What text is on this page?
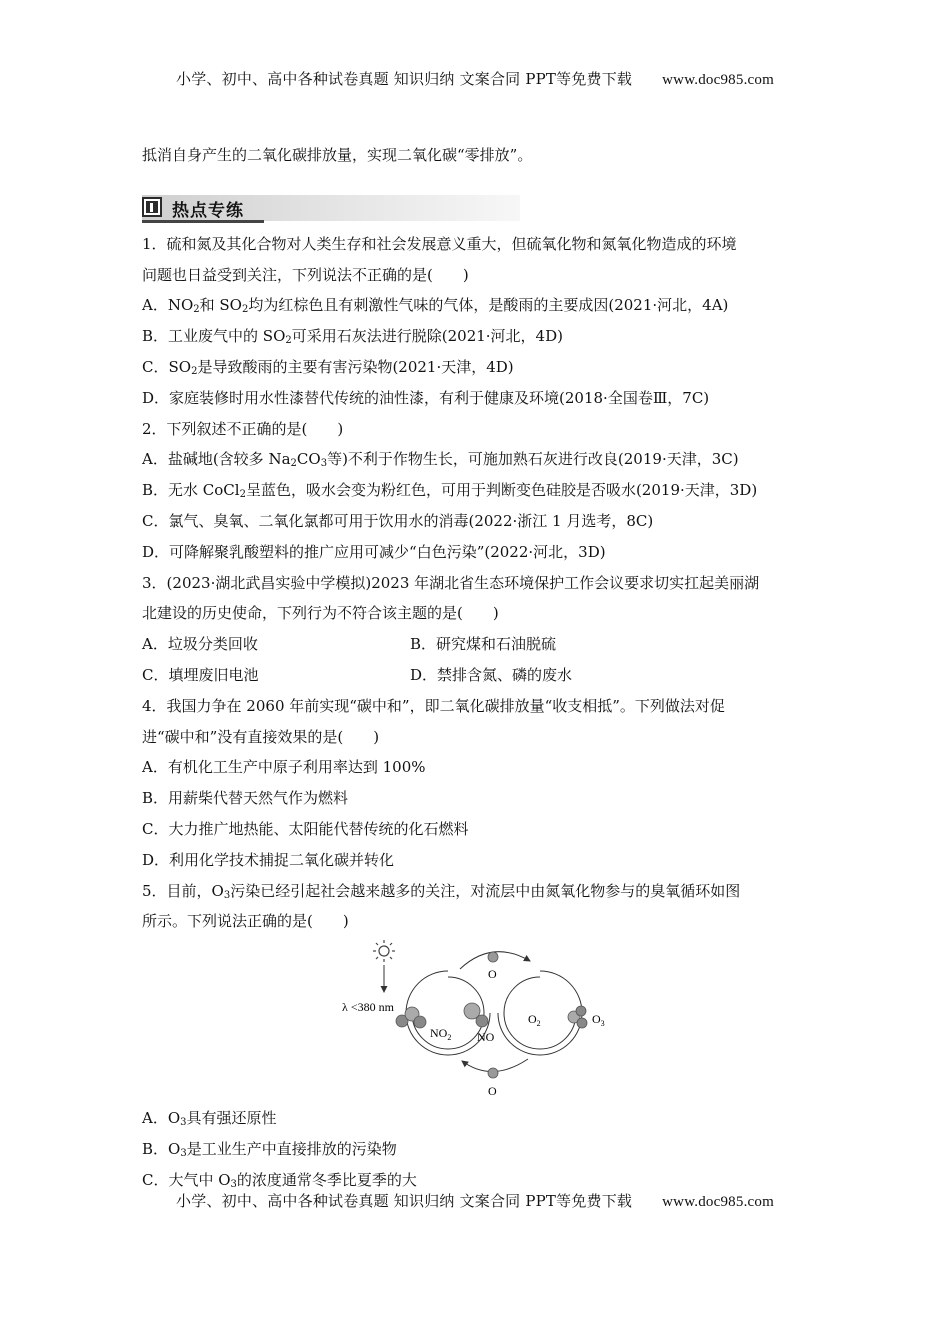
小学、初中、高中各种试卷真题 知识归纳 文案合同 PPT等免费下载 www.doc985.com
抵消自身产生的二氧化碳排放量，实现二氧化碳“零排放”。
热点专练
1．硫和氮及其化合物对人类生存和社会发展意义重大，但硫氧化物和氮氧化物造成的环境
问题也日益受到关注，下列说法不正确的是(　　)
A．$NO_2$和 $SO_2$均为红棕色且有刺激性气味的气体，是酸雨的主要成因(2021·河北，4A)
B．工业废气中的 $SO_2$可采用石灰法进行脱除(2021·河北，4D)
C．$SO_2$是导致酸雨的主要有害污染物(2021·天津，4D)
D．家庭装修时用水性漆替代传统的油性漆，有利于健康及环境(2018·全国卷Ⅲ，7C)
2．下列叙述不正确的是(　　)
A．盐碱地(含较多 $Na_2CO_3$等)不利于作物生长，可施加熟石灰进行改良(2019·天津，3C)
B．无水 CoCl$_2$呈蓝色，吸水会变为粉红色，可用于判断变色硅胶是否吸水(2019·天津，3D)
C．氯气、臭氧、二氧化氯都可用于饮用水的消毒(2022·浙江 1 月选考，8C)
D．可降解聚乳酸塑料的推广应用可减少“白色污染”(2022·河北，3D)
3．(2023·湖北武昌实验中学模拟)2023 年湖北省生态环境保护工作会议要求切实扛起美丽湖
北建设的历史使命，下列行为不符合该主题的是(　　)
A．垃圾分类回收	B．研究煤和石油脱硫
C．填埋废旧电池	D．禁排含氮、磷的废水
4．我国力争在 2060 年前实现“碳中和”，即二氧化碳排放量“收支相抵”。下列做法对促
进“碳中和”没有直接效果的是(　　)
A．有机化工生产中原子利用率达到 100%
B．用薪柴代替天然气作为燃料
C．大力推广地热能、太阳能代替传统的化石燃料
D．利用化学技术捕捉二氧化碳并转化
5．目前，$O_3$污染已经引起社会越来越多的关注，对流层中由氮氧化物参与的臭氧循环如图
所示。下列说法正确的是(　　)
λ <380 nm
O
O
$NO_2$ NO
$O_2$	$O_3$
A．$O_3$具有强还原性
B．$O_3$是工业生产中直接排放的污染物
C．大气中 $O_3$的浓度通常冬季比夏季的大
小学、初中、高中各种试卷真题 知识归纳 文案合同 PPT等免费下载 www.doc985.com
